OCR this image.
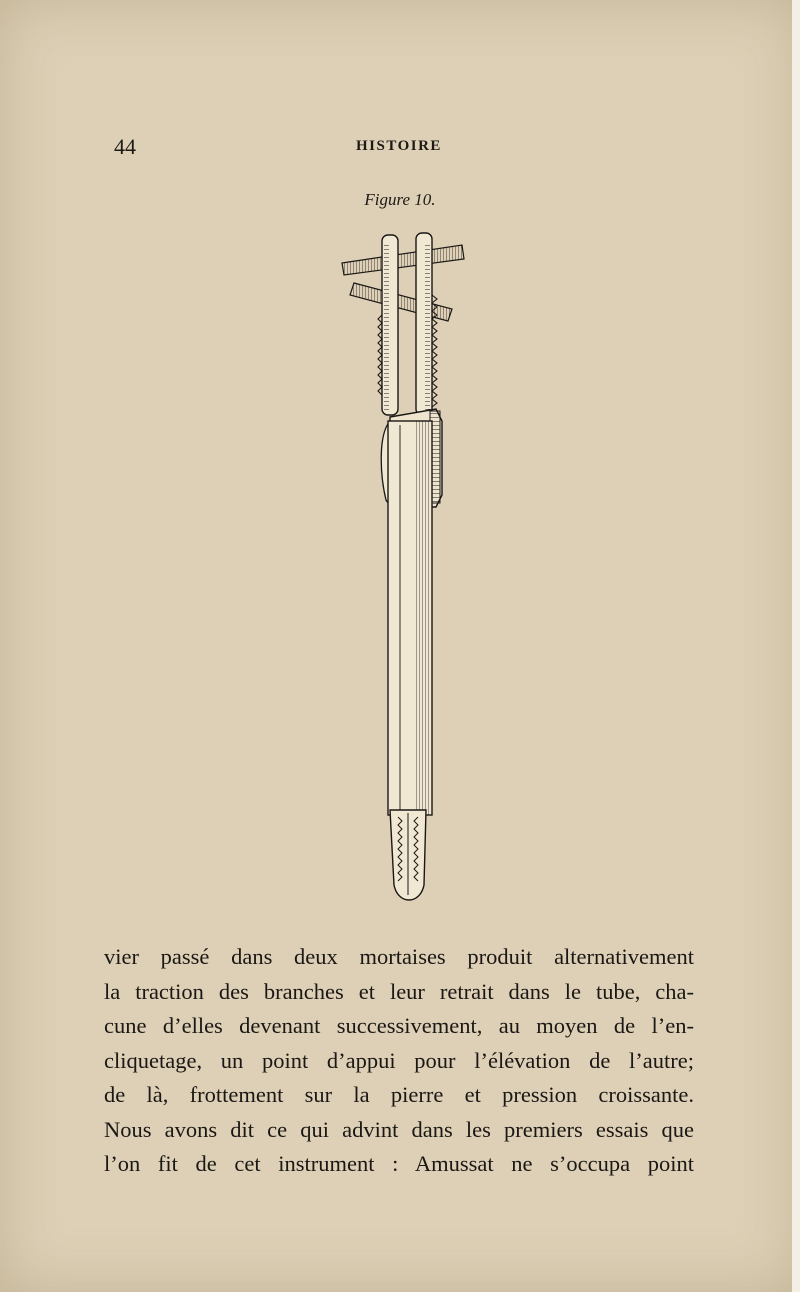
44	HISTOIRE
Figure 10.
vier passé dans deux mortaises produit alternativement
la traction des branches et leur retrait dans le tube, cha-
cune d’elles devenant successivement, au moyen de l’en-
cliquetage, un point d’appui pour l’élévation de l’autre;
de là, frottement sur la pierre et pression croissante.
Nous avons dit ce qui advint dans les premiers essais que
l’on fit de cet instrument : Amussat ne s’occupa point
